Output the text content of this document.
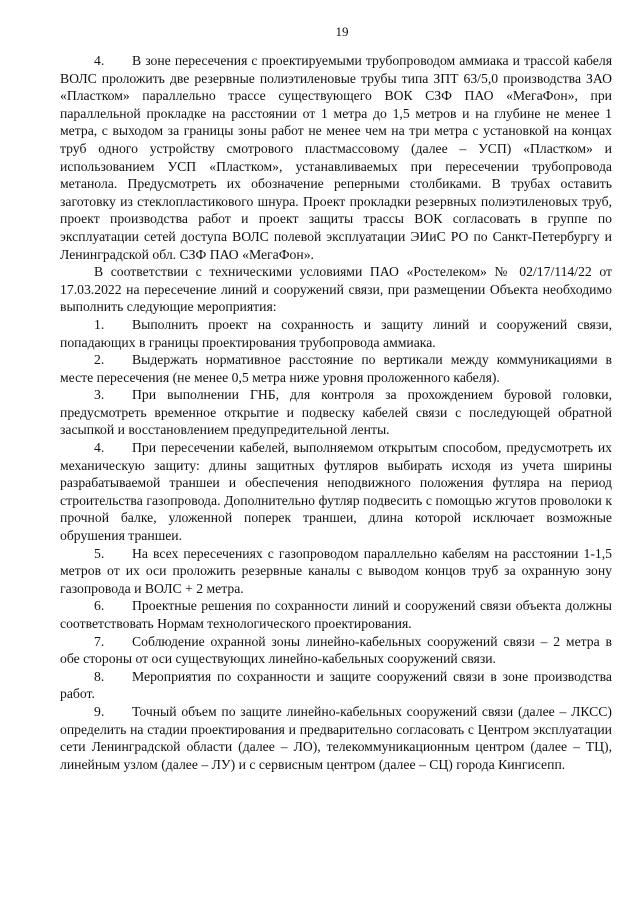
19

4. В зоне пересечения с проектируемыми трубопроводом аммиака и трассой кабеля ВОЛС проложить две резервные полиэтиленовые трубы типа ЗПТ 63/5,0 производства ЗАО «Пластком» параллельно трассе существующего ВОК СЗФ ПАО «МегаФон», при параллельной прокладке на расстоянии от 1 метра до 1,5 метров и на глубине не менее 1 метра, с выходом за границы зоны работ не менее чем на три метра с установкой на концах труб одного устройству смотрового пластмассовому (далее – УСП) «Пластком» и использованием УСП «Пластком», устанавливаемых при пересечении трубопровода метанола. Предусмотреть их обозначение реперными столбиками. В трубах оставить заготовку из стеклопластикового шнура. Проект прокладки резервных полиэтиленовых труб, проект производства работ и проект защиты трассы ВОК согласовать в группе по эксплуатации сетей доступа ВОЛС полевой эксплуатации ЭИиС РО по Санкт-Петербургу и Ленинградской обл. СЗФ ПАО «МегаФон».

В соответствии с техническими условиями ПАО «Ростелеком» № 02/17/114/22 от 17.03.2022 на пересечение линий и сооружений связи, при размещении Объекта необходимо выполнить следующие мероприятия:

1. Выполнить проект на сохранность и защиту линий и сооружений связи, попадающих в границы проектирования трубопровода аммиака.

2. Выдержать нормативное расстояние по вертикали между коммуникациями в месте пересечения (не менее 0,5 метра ниже уровня проложенного кабеля).

3. При выполнении ГНБ, для контроля за прохождением буровой головки, предусмотреть временное открытие и подвеску кабелей связи с последующей обратной засыпкой и восстановлением предупредительной ленты.

4. При пересечении кабелей, выполняемом открытым способом, предусмотреть их механическую защиту: длины защитных футляров выбирать исходя из учета ширины разрабатываемой траншеи и обеспечения неподвижного положения футляра на период строительства газопровода. Дополнительно футляр подвесить с помощью жгутов проволоки к прочной балке, уложенной поперек траншеи, длина которой исключает возможные обрушения траншеи.

5. На всех пересечениях с газопроводом параллельно кабелям на расстоянии 1-1,5 метров от их оси проложить резервные каналы с выводом концов труб за охранную зону газопровода и ВОЛС + 2 метра.

6. Проектные решения по сохранности линий и сооружений связи объекта должны соответствовать Нормам технологического проектирования.

7. Соблюдение охранной зоны линейно-кабельных сооружений связи – 2 метра в обе стороны от оси существующих линейно-кабельных сооружений связи.

8. Мероприятия по сохранности и защите сооружений связи в зоне производства работ.

9. Точный объем по защите линейно-кабельных сооружений связи (далее – ЛКСС) определить на стадии проектирования и предварительно согласовать с Центром эксплуатации сети Ленинградской области (далее – ЛО), телекоммуникационным центром (далее – ТЦ), линейным узлом (далее – ЛУ) и с сервисным центром (далее – СЦ) города Кингисепп.
